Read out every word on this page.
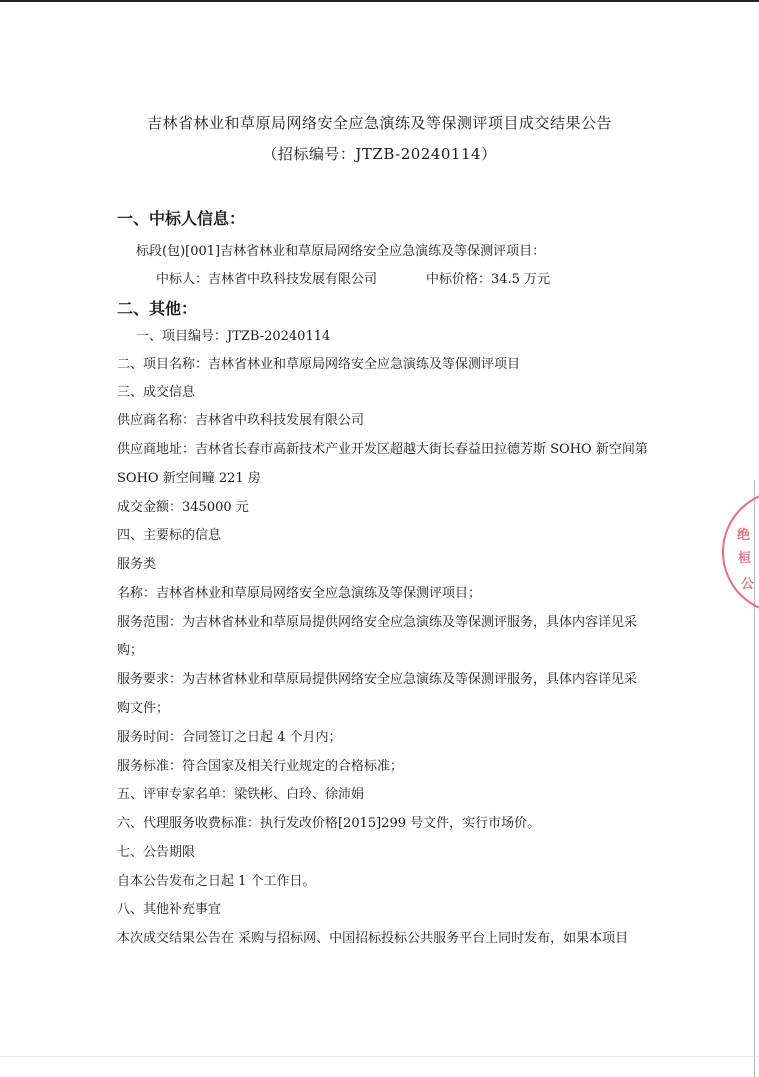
吉林省林业和草原局网络安全应急演练及等保测评项目成交结果公告
（招标编号：JTZB-20240114）
一、中标人信息：
标段(包)[001]吉林省林业和草原局网络安全应急演练及等保测评项目：
中标人：吉林省中玖科技发展有限公司	中标价格：34.5 万元
二、其他：
一、项目编号：JTZB-20240114
二、项目名称：吉林省林业和草原局网络安全应急演练及等保测评项目
三、成交信息
供应商名称：吉林省中玖科技发展有限公司
供应商地址：吉林省长春市高新技术产业开发区超越大街长春益田拉德芳斯 SOHO 新空间第
SOHO 新空间疃 221 房
成交金额：345000 元
四、主要标的信息
服务类
名称：吉林省林业和草原局网络安全应急演练及等保测评项目；
服务范围：为吉林省林业和草原局提供网络安全应急演练及等保测评服务，具体内容详见采
购；
服务要求：为吉林省林业和草原局提供网络安全应急演练及等保测评服务，具体内容详见采
购文件；
服务时间：合同签订之日起 4 个月内；
服务标准：符合国家及相关行业规定的合格标准；
五、评审专家名单：梁铁彬、白玲、徐沛娟
六、代理服务收费标准：执行发改价格[2015]299 号文件，实行市场价。
七、公告期限
自本公告发布之日起 1 个工作日。
八、其他补充事宜
本次成交结果公告在 采购与招标网、中国招标投标公共服务平台上同时发布，如果本项目
绝
桓
公
